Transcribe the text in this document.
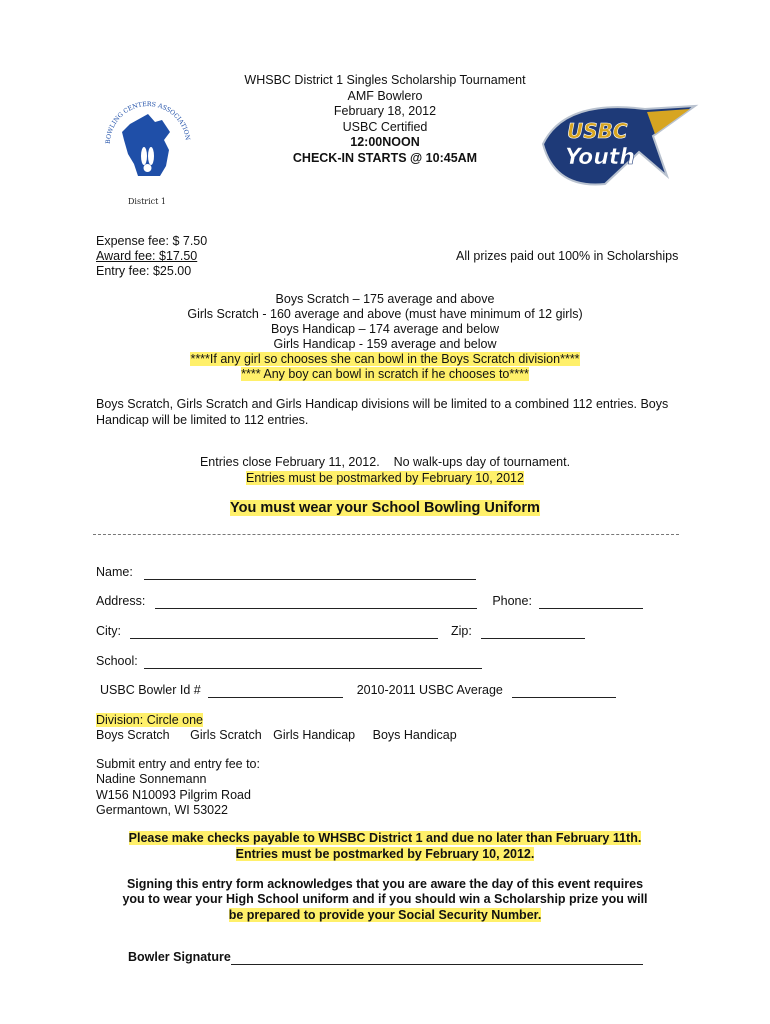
WHSBC District 1 Singles Scholarship Tournament
AMF Bowlero
February 18, 2012
USBC Certified
12:00NOON
CHECK-IN STARTS @ 10:45AM
BOWLING CENTERS ASSOCIATION
District 1
USBC
Youth
Expense fee: $ 7.50
Award fee: $17.50
Entry fee: $25.00
All prizes paid out 100% in Scholarships
Boys Scratch – 175 average and above
Girls Scratch - 160 average and above (must have minimum of 12 girls)
Boys Handicap – 174 average and below
Girls Handicap - 159 average and below
****If any girl so chooses she can bowl in the Boys Scratch division****
**** Any boy can bowl in scratch if he chooses to****
Boys Scratch, Girls Scratch and Girls Handicap divisions will be limited to a combined 112 entries. Boys Handicap will be limited to 112 entries.
Entries close February 11, 2012.    No walk-ups day of tournament.
Entries must be postmarked by February 10, 2012
You must wear your School Bowling Uniform
Name:
Address:	Phone:
City:	Zip:
School:
USBC Bowler Id #	2010-2011 USBC Average
Division: Circle one
Boys Scratch Girls Scratch Girls Handicap Boys Handicap
Submit entry and entry fee to:
Nadine Sonnemann
W156 N10093 Pilgrim Road
Germantown, WI 53022
Please make checks payable to WHSBC District 1 and due no later than February 11th.
Entries must be postmarked by February 10, 2012.
Signing this entry form acknowledges that you are aware the day of this event requires
you to wear your High School uniform and if you should win a Scholarship prize you will
be prepared to provide your Social Security Number.
Bowler Signature
